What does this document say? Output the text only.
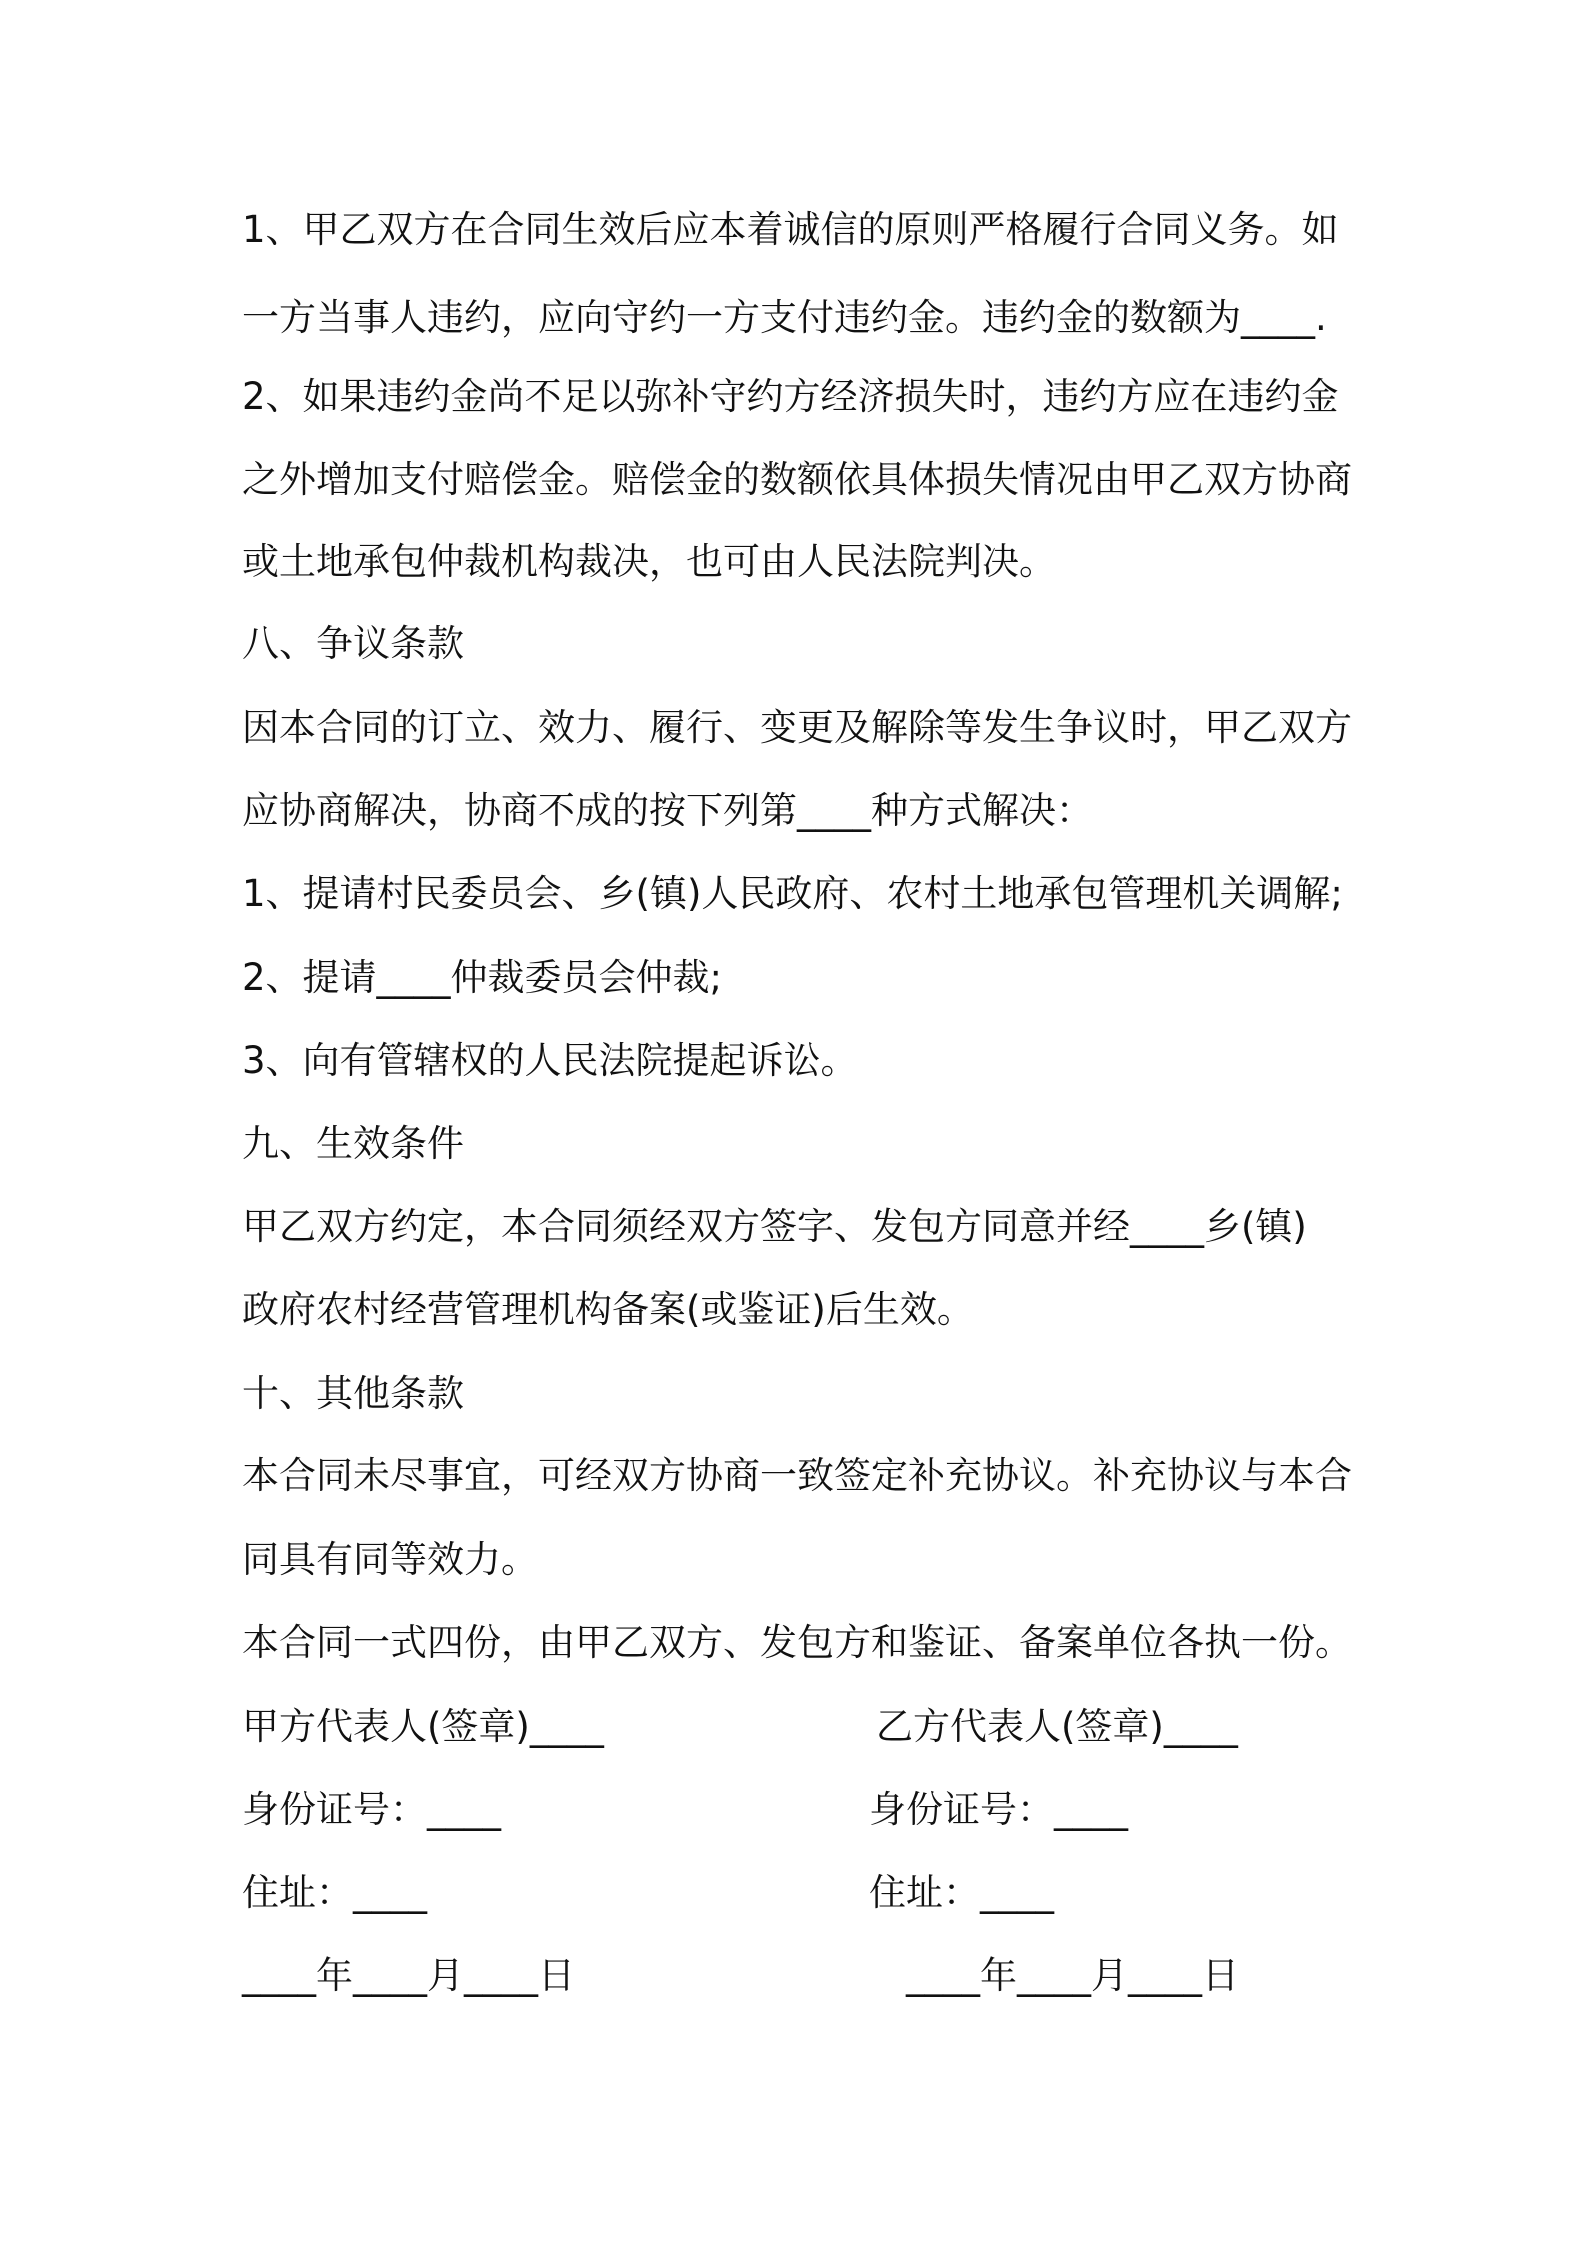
1、甲乙双方在合同生效后应本着诚信的原则严格履行合同义务。如
一方当事人违约，应向守约一方支付违约金。违约金的数额为____.
2、如果违约金尚不足以弥补守约方经济损失时，违约方应在违约金
之外增加支付赔偿金。赔偿金的数额依具体损失情况由甲乙双方协商
或土地承包仲裁机构裁决，也可由人民法院判决。
八、争议条款
因本合同的订立、效力、履行、变更及解除等发生争议时，甲乙双方
应协商解决，协商不成的按下列第____种方式解决：
1、提请村民委员会、乡(镇)人民政府、农村土地承包管理机关调解;
2、提请____仲裁委员会仲裁;
3、向有管辖权的人民法院提起诉讼。
九、生效条件
甲乙双方约定，本合同须经双方签字、发包方同意并经____乡(镇)
政府农村经营管理机构备案(或鉴证)后生效。
十、其他条款
本合同未尽事宜，可经双方协商一致签定补充协议。补充协议与本合
同具有同等效力。
本合同一式四份，由甲乙双方、发包方和鉴证、备案单位各执一份。
甲方代表人(签章)____	乙方代表人(签章)____
身份证号：____	身份证号：____
住址：____	住址：____
____年____月____日	____年____月____日
